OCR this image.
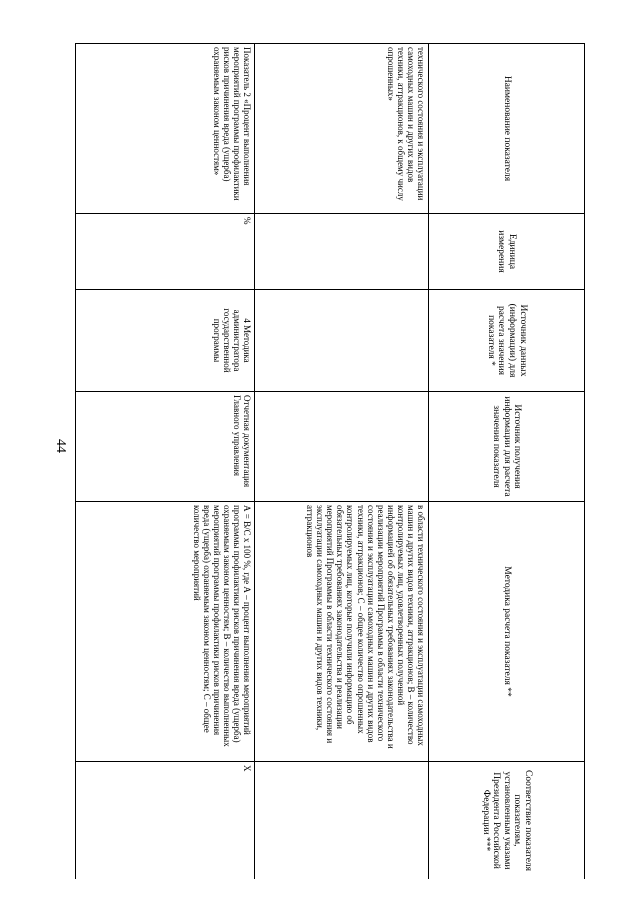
44
Наименование показателя	Единица измерения	Источник данных (информации) для расчета значения показателя *	Источник получения информации для расчета значения показателя	Методика расчета показателя **	Соответствие показателя показателям, установленным указами Президента Российской Федерации ***
технического состояния и эксплуатации самоходных машин и других видов техники, аттракционов, к общему числу опрошенных»				в области технического состояния и эксплуатации самоходных машин и других видов техники, аттракционов; В – количество контролируемых лиц, удовлетворенных полученной информацией об обязательных требованиях законодательства и реализации мероприятий Программы в области технического состояния и эксплуатации самоходных машин и других видов техники, аттракционов; С – общее количество опрошенных контролируемых лиц, которые получили информацию об обязательных требованиях законодательства и реализации мероприятий Программы в области технического состояния и эксплуатации самоходных машин и других видов техники, аттракционов	
Показатель 2 «Процент выполнения мероприятий программы профилактики рисков причинения вреда (ущерба) охраняемым законом ценностям»	%	4 Методика администратора государственной программы	Отчетная документация Главного управления	А = В/С х 100 %, где А – процент выполнения мероприятий программы профилактики рисков причинения вреда (ущерба) охраняемым законом ценностям; В – количество выполненных мероприятий программы профилактики рисков причинения вреда (ущерба) охраняемым законом ценностям; С – общее количество мероприятий	Х
